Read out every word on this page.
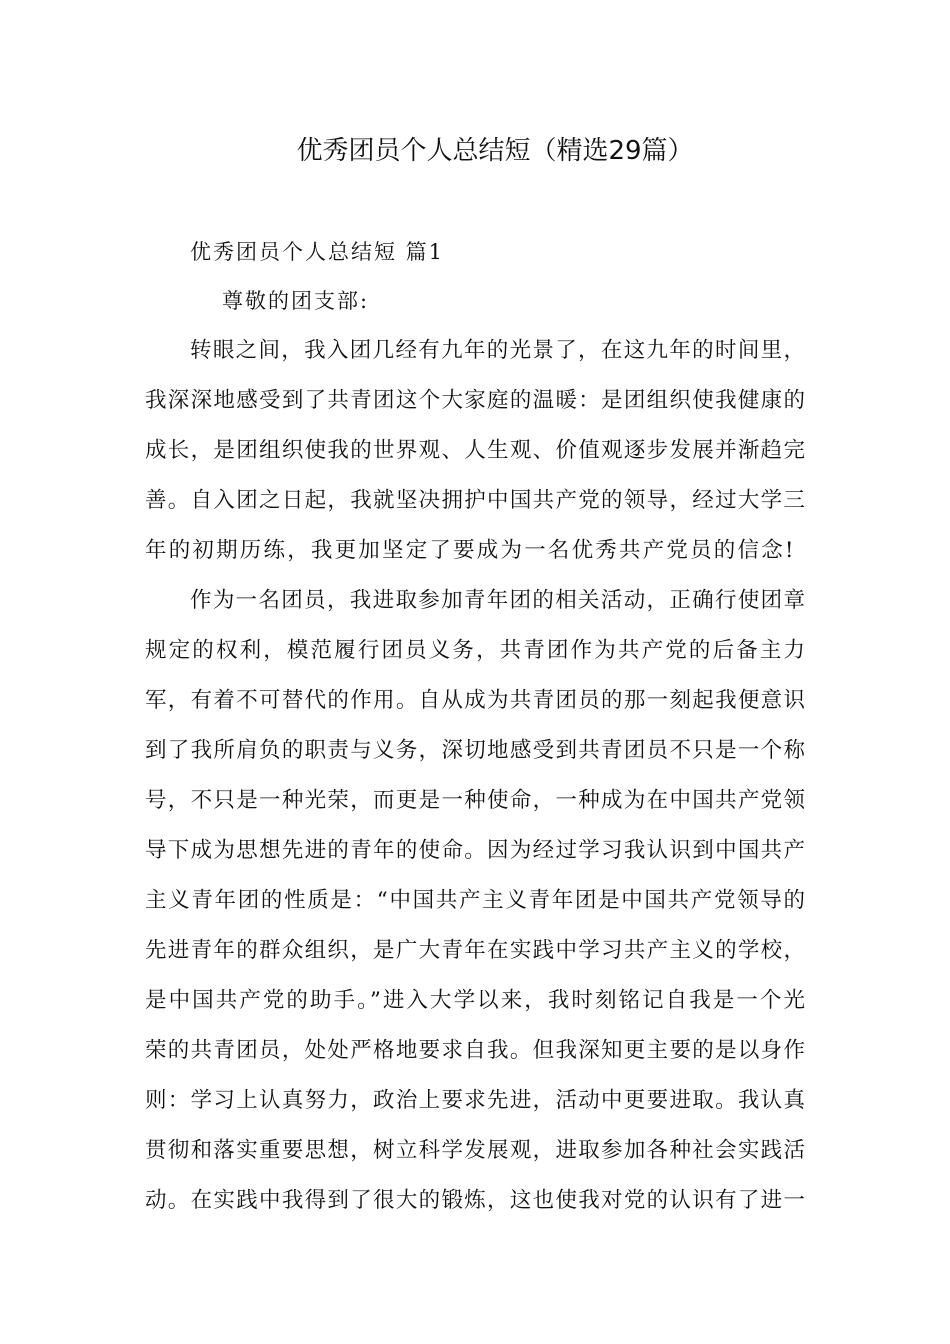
优秀团员个人总结短（精选29篇）
优秀团员个人总结短 篇1
尊敬的团支部:
转眼之间，我入团几经有九年的光景了，在这九年的时间里，
我深深地感受到了共青团这个大家庭的温暖：是团组织使我健康的
成长，是团组织使我的世界观、人生观、价值观逐步发展并渐趋完
善。自入团之日起，我就坚决拥护中国共产党的领导，经过大学三
年的初期历练，我更加坚定了要成为一名优秀共产党员的信念!
作为一名团员，我进取参加青年团的相关活动，正确行使团章
规定的权利，模范履行团员义务，共青团作为共产党的后备主力
军，有着不可替代的作用。自从成为共青团员的那一刻起我便意识
到了我所肩负的职责与义务，深切地感受到共青团员不只是一个称
号，不只是一种光荣，而更是一种使命，一种成为在中国共产党领
导下成为思想先进的青年的使命。因为经过学习我认识到中国共产
主义青年团的性质是：“中国共产主义青年团是中国共产党领导的
先进青年的群众组织，是广大青年在实践中学习共产主义的学校，
是中国共产党的助手。”进入大学以来，我时刻铭记自我是一个光
荣的共青团员，处处严格地要求自我。但我深知更主要的是以身作
则：学习上认真努力，政治上要求先进，活动中更要进取。我认真
贯彻和落实重要思想，树立科学发展观，进取参加各种社会实践活
动。在实践中我得到了很大的锻炼，这也使我对党的认识有了进一
